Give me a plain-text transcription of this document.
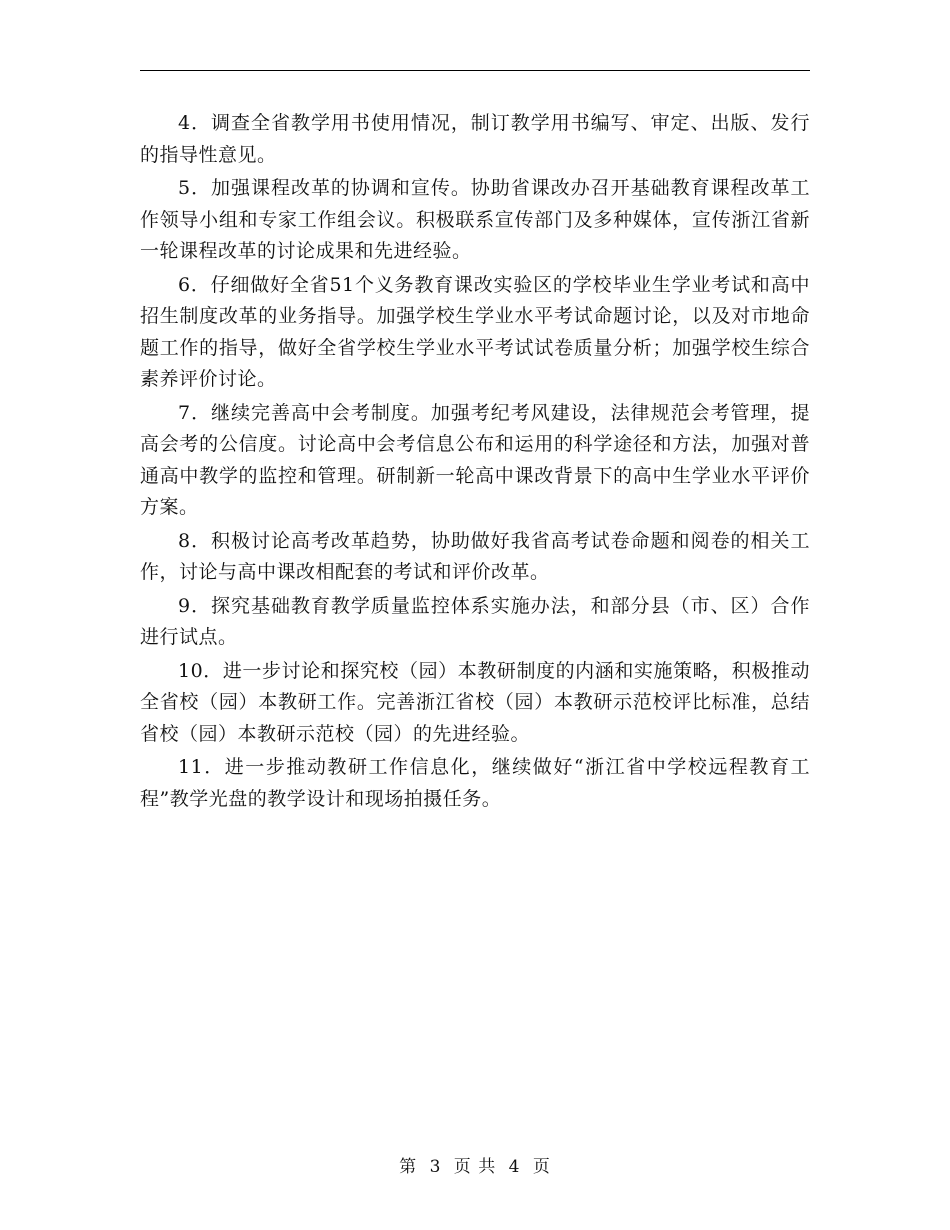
4．调查全省教学用书使用情况，制订教学用书编写、审定、出版、发行的指导性意见。

5．加强课程改革的协调和宣传。协助省课改办召开基础教育课程改革工作领导小组和专家工作组会议。积极联系宣传部门及多种媒体，宣传浙江省新一轮课程改革的讨论成果和先进经验。

6．仔细做好全省51个义务教育课改实验区的学校毕业生学业考试和高中招生制度改革的业务指导。加强学校生学业水平考试命题讨论，以及对市地命题工作的指导，做好全省学校生学业水平考试试卷质量分析；加强学校生综合素养评价讨论。

7．继续完善高中会考制度。加强考纪考风建设，法律规范会考管理，提高会考的公信度。讨论高中会考信息公布和运用的科学途径和方法，加强对普通高中教学的监控和管理。研制新一轮高中课改背景下的高中生学业水平评价方案。

8．积极讨论高考改革趋势，协助做好我省高考试卷命题和阅卷的相关工作，讨论与高中课改相配套的考试和评价改革。

9．探究基础教育教学质量监控体系实施办法，和部分县（市、区）合作进行试点。

10．进一步讨论和探究校（园）本教研制度的内涵和实施策略，积极推动全省校（园）本教研工作。完善浙江省校（园）本教研示范校评比标准，总结省校（园）本教研示范校（园）的先进经验。

11．进一步推动教研工作信息化，继续做好“浙江省中学校远程教育工程”教学光盘的教学设计和现场拍摄任务。

第 3 页 共 4 页
